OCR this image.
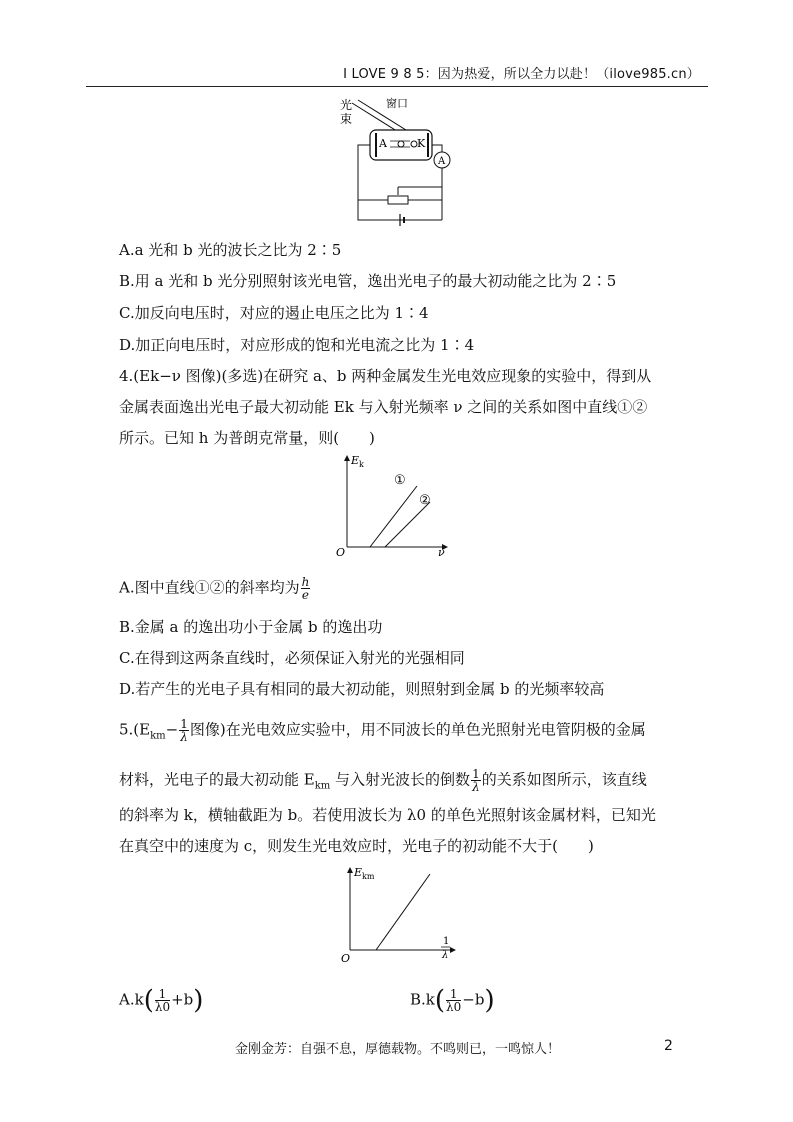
I LOVE 9 8 5：因为热爱，所以全力以赴！（ilove985.cn）
光
束
窗口
A	K
A
A.a 光和 b 光的波长之比为 2∶5
B.用 a 光和 b 光分别照射该光电管，逸出光电子的最大初动能之比为 2∶5
C.加反向电压时，对应的遏止电压之比为 1∶4
D.加正向电压时，对应形成的饱和光电流之比为 1∶4
4.(Ek−ν 图像)(多选)在研究 a、b 两种金属发生光电效应现象的实验中，得到从
金属表面逸出光电子最大初动能 Ek 与入射光频率 ν 之间的关系如图中直线①②
所示。已知 h 为普朗克常量，则(　　)
E k
ν
O
①
②
A.图中直线①②的斜率均为 $\frac{h}{e}$
B.金属 a 的逸出功小于金属 b 的逸出功
C.在得到这两条直线时，必须保证入射光的光强相同
D.若产生的光电子具有相同的最大初动能，则照射到金属 b 的光频率较高
$5.(E_{km}- \frac{1}{\lambda}$ 图像)在光电效应实验中，用不同波长的单色光照射光电管阴极的金属
材料，光电子的最大初动能 $E_{km}$ 与入射光波长的倒数 $\frac{1}{\lambda}$ 的关系如图所示，该直线
的斜率为 k，横轴截距为 b。若使用波长为 λ0 的单色光照射该金属材料，已知光
在真空中的速度为 c，则发生光电效应时，光电子的初动能不大于(　　)
E km
1
λ
O
$A.k( \frac{1}{\lambda 0} +b)$	$B.k( \frac{1}{\lambda 0} -b)$
金刚金芳：自强不息，厚德载物。不鸣则已，一鸣惊人！	2
